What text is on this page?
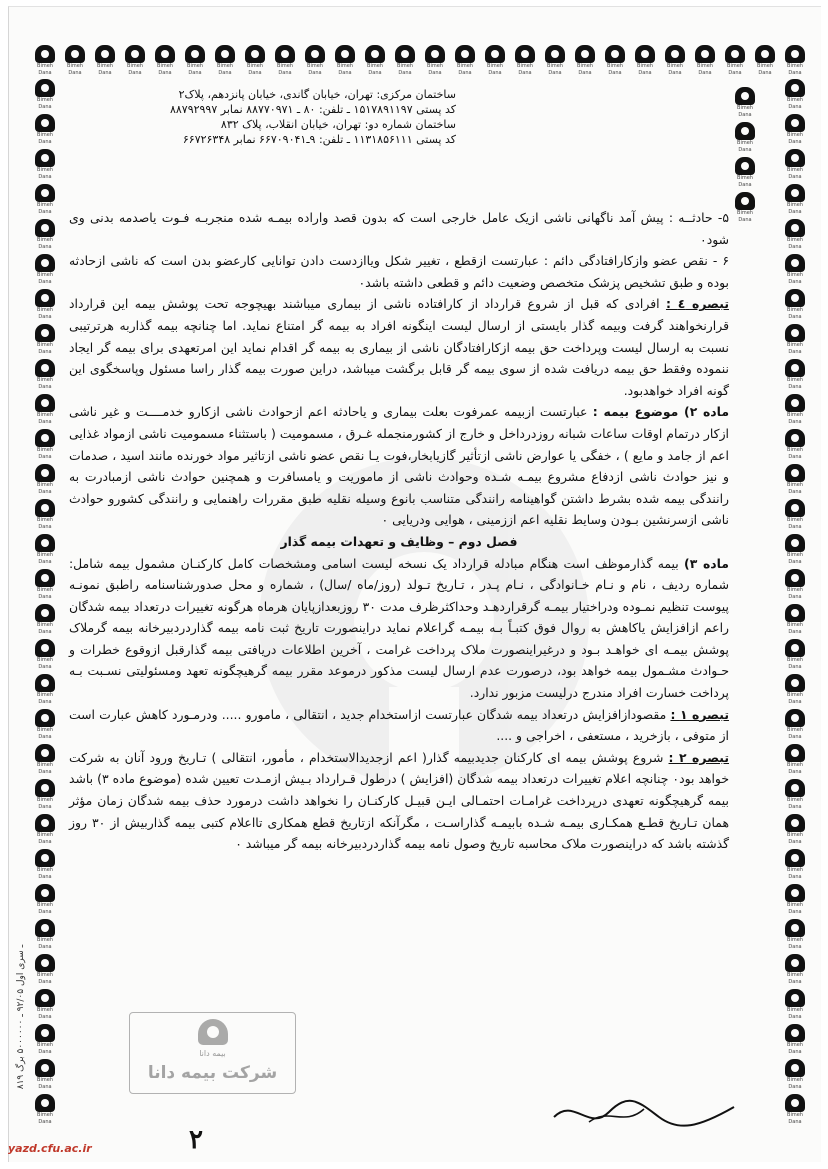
Bimeh Dana
Bimeh Dana
Bimeh Dana
Bimeh Dana
Bimeh Dana
Bimeh Dana
Bimeh Dana
Bimeh Dana
Bimeh Dana
Bimeh Dana
Bimeh Dana
Bimeh Dana
Bimeh Dana
Bimeh Dana
Bimeh Dana
Bimeh Dana
Bimeh Dana
Bimeh Dana
Bimeh Dana
Bimeh Dana
Bimeh Dana
Bimeh Dana
Bimeh Dana
Bimeh Dana
Bimeh Dana
Bimeh Dana
Bimeh Dana
Bimeh Dana
Bimeh Dana
Bimeh Dana
Bimeh Dana
Bimeh Dana
Bimeh Dana
Bimeh Dana
Bimeh Dana
Bimeh Dana
Bimeh Dana
Bimeh Dana
Bimeh Dana
Bimeh Dana
Bimeh Dana
Bimeh Dana
Bimeh Dana
Bimeh Dana
Bimeh Dana
Bimeh Dana
Bimeh Dana
Bimeh Dana
Bimeh Dana
Bimeh Dana
Bimeh Dana
Bimeh Dana
Bimeh Dana
Bimeh Dana
Bimeh Dana
Bimeh Dana
Bimeh Dana
Bimeh Dana
Bimeh Dana
Bimeh Dana
Bimeh Dana
Bimeh Dana
Bimeh Dana
Bimeh Dana
Bimeh Dana
Bimeh Dana
Bimeh Dana
Bimeh Dana
Bimeh Dana
Bimeh Dana
Bimeh Dana
Bimeh Dana
Bimeh Dana
Bimeh Dana
Bimeh Dana
Bimeh Dana
Bimeh Dana
Bimeh Dana
Bimeh Dana
Bimeh Dana
Bimeh Dana
Bimeh Dana
Bimeh Dana
Bimeh Dana
Bimeh Dana
Bimeh Dana
Bimeh Dana
Bimeh Dana
Bimeh Dana
Bimeh Dana
ساختمان مرکزی: تهران، خیابان گاندی، خیابان پانزدهم، پلاک۲
کد پستی ۱۵۱۷۸۹۱۱۹۷ ـ تلفن: ۸۰ ـ ۸۸۷۷۰۹۷۱ نمابر ۸۸۷۹۲۹۹۷
ساختمان شماره دو: تهران، خیابان انقلاب، پلاک ۸۳۲
کد پستی ۱۱۳۱۸۵۶۱۱۱ ـ تلفن: ۹ـ۶۶۷۰۹۰۴۱ نمابر ۶۶۷۲۶۳۴۸

۵- حادثــه : پیش آمد ناگهانی ناشی ازیک عامل خارجی است که بدون قصد واراده بیمـه شده منجربـه فـوت یاصدمه بدنی وی شود۰

۶ - نقص عضو وازکارافتادگی دائم : عبارتست ازقطع ، تغییر شکل ویاازدست دادن توانایی کارعضو بدن است که ناشی ازحادثه بوده و طبق تشخیص پزشک متخصص وضعیت دائم و قطعی داشته باشد۰

تبصره ٤ : افرادی که قبل از شروع قرارداد از کارافتاده ناشی از بیماری میباشند بهیچوجه تحت پوشش بیمه این قرارداد قرارنخواهند گرفت وبیمه گذار بایستی از ارسال لیست اینگونه افراد به بیمه گر امتناع نماید. اما چنانچه بیمه گذاربه هرترتیبی نسبت به ارسال لیست وپرداخت حق بیمه ازکارافتادگان ناشی از بیماری به بیمه گر اقدام نماید این امرتعهدی برای بیمه گر ایجاد ننموده وفقط حق بیمه دریافت شده از سوی بیمه گر قابل برگشت میباشد، دراین صورت بیمه گذار راسا مسئول وپاسخگوی این گونه افراد خواهدبود.

ماده ۲) موضوع بیمه : عبارتست ازبیمه عمرفوت بعلت بیماری و یاحادثه اعم ازحوادث ناشی ازکارو خدمــــت و غیر ناشی ازکار درتمام اوقات ساعات شبانه روزدرداخل و خارج از کشورمنجمله غـرق ، مسمومیت ( باستثناء مسمومیت ناشی ازمواد غذایی اعم از جامد و مایع ) ، خفگی یا عوارض ناشی ازتأثیر گازیابخار،فوت یـا نقص عضو ناشی ازتاثیر مواد خورنده مانند اسید ، صدمات و نیز حوادث ناشی ازدفاع مشروع بیمـه شـده وحوادث ناشی از ماموریت و یامسافرت و همچنین حوادث ناشی ازمبادرت به رانندگی بیمه شده بشرط داشتن گواهینامه رانندگی متناسب بانوع وسیله نقلیه طبق مقررات راهنمایی و رانندگی کشورو حوادث ناشی ازسرنشین بـودن وسایط نقلیه اعم اززمینی ، هوایی ودریایی ۰

فصل دوم – وظایف و تعهدات بیمه گذار

ماده ۳) بیمه گذارموظف است هنگام مبادله قرارداد یک نسخه لیست اسامی ومشخصات کامل کارکنـان مشمول بیمه شامل: شماره ردیف ، نام و نـام خـانوادگی ، نـام پـدر ، تـاریخ تـولد (روز/ماه /سال) ، شماره و محل صدورشناسنامه راطبق نمونـه پیوست تنظیم نمـوده ودراختیار بیمـه گرقراردهـد وحداکثرظرف مدت ۳۰ روزبعدازپایان هرماه هرگونه تغییرات درتعداد بیمه شدگان راعم ازافزایش یاکاهش به روال فوق کتبـاً بـه بیمـه گراعلام نماید دراینصورت تاریخ ثبت نامه بیمه گذاردردبیرخانه بیمه گرملاک پوشش بیمـه ای خواهـد بـود و درغیراینصورت ملاک پرداخت غرامت ، آخرین اطلاعات دریافتی بیمه گذارقبل ازوقوع خطرات و حـوادث مشـمول بیمه خواهد بود، درصورت عدم ارسال لیست مذکور درموعد مقرر بیمه گرهیچگونه تعهد ومسئولیتی نسـبت بـه پرداخت خسارت افراد مندرج درلیست مزبور ندارد.

تبصره ۱ : مقصودازافزایش درتعداد بیمه شدگان عبارتست ازاستخدام جدید ، انتقالی ، مامورو ..... ودرمـورد کاهش عبارت است از متوفی ، بازخرید ، مستعفی ، اخراجی و ....

تبصره ۲ : شروع پوشش بیمه ای کارکنان جدیدبیمه گذار( اعم ازجدیدالاستخدام ، مأمور، انتقالی ) تـاریخ ورود آنان به شرکت خواهد بود۰ چنانچه اعلام تغییرات درتعداد بیمه شدگان (افزایش ) درطول قـرارداد بـیش ازمـدت تعیین شده (موضوع ماده ۳) باشد بیمه گرهیچگونه تعهدی درپرداخت غرامـات احتمـالی ایـن قبیـل کارکنـان را نخواهد داشت درمورد حذف بیمه شدگان زمان مؤثر همان تـاریخ قطـع همکـاری بیمـه شـده بابیمـه گذاراسـت ، مگرآنکه ازتاریخ قطع همکاری تااعلام کتبی بیمه گذاربیش از ۳۰ روز گذشته باشد که دراینصورت ملاک محاسبه تاریخ وصول نامه بیمه گذاردردبیرخانه بیمه گر میباشد ۰

۸۱۹ ـ سری اول ۹۲/۰۵ ـ ۵۰۰۰۰۰۰ برگ
بیمه دانا
شرکت بیمه دانا
۲
yazd.cfu.ac.ir
